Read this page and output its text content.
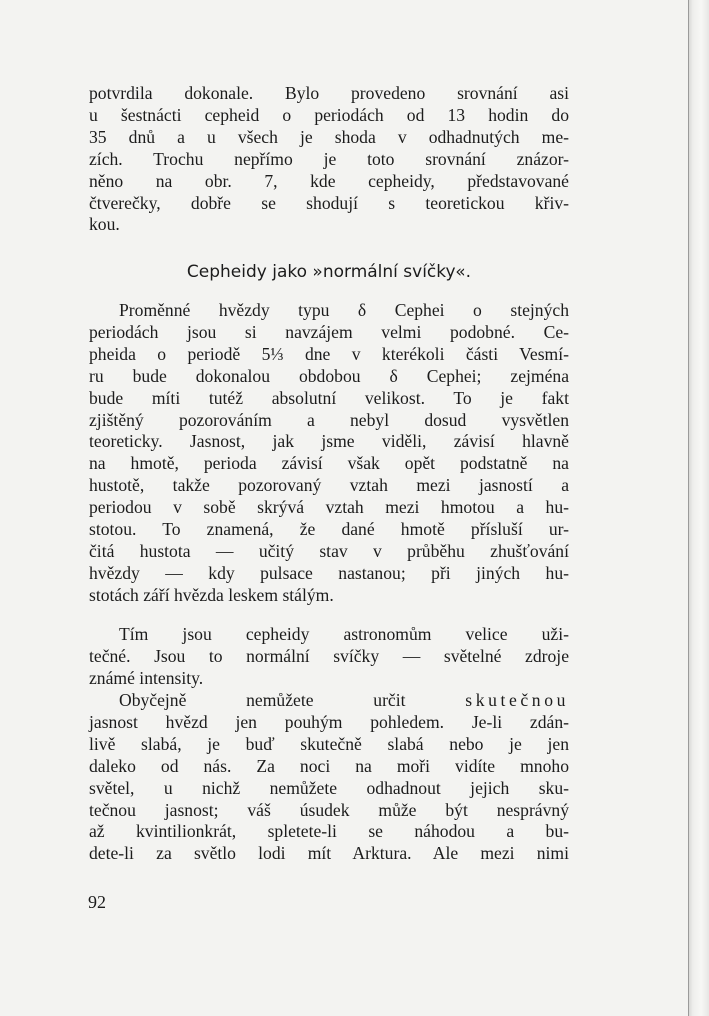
potvrdila dokonale. Bylo provedeno srovnání asi
u šestnácti cepheid o periodách od 13 hodin do
35 dnů a u všech je shoda v odhadnutých me-
zích. Trochu nepřímo je toto srovnání znázor-
něno na obr. 7, kde cepheidy, představované
čtverečky, dobře se shodují s teoretickou křiv-
kou.
Cepheidy jako »normální svíčky«.
Proměnné hvězdy typu δ Cephei o stejných
periodách jsou si navzájem velmi podobné. Ce-
pheida o periodě 5⅓ dne v kterékoli části Vesmí-
ru bude dokonalou obdobou δ Cephei; zejména
bude míti tutéž absolutní velikost. To je fakt
zjištěný pozorováním a nebyl dosud vysvětlen
teoreticky. Jasnost, jak jsme viděli, závisí hlavně
na hmotě, perioda závisí však opět podstatně na
hustotě, takže pozorovaný vztah mezi jasností a
periodou v sobě skrývá vztah mezi hmotou a hu-
stotou. To znamená, že dané hmotě přísluší ur-
čitá hustota — učitý stav v průběhu zhušťování
hvězdy — kdy pulsace nastanou; při jiných hu-
stotách září hvězda leskem stálým.
Tím jsou cepheidy astronomům velice uži-
tečné. Jsou to normální svíčky — světelné zdroje
známé intensity.
Obyčejně nemůžete určit	skutečnou
jasnost hvězd jen pouhým pohledem. Je-li zdán-
livě slabá, je buď skutečně slabá nebo je jen
daleko od nás. Za noci na moři vidíte mnoho
světel, u nichž nemůžete odhadnout jejich sku-
tečnou jasnost; váš úsudek může být nesprávný
až kvintilionkrát, spletete-li se náhodou a bu-
dete-li za světlo lodi mít Arktura. Ale mezi nimi
92
